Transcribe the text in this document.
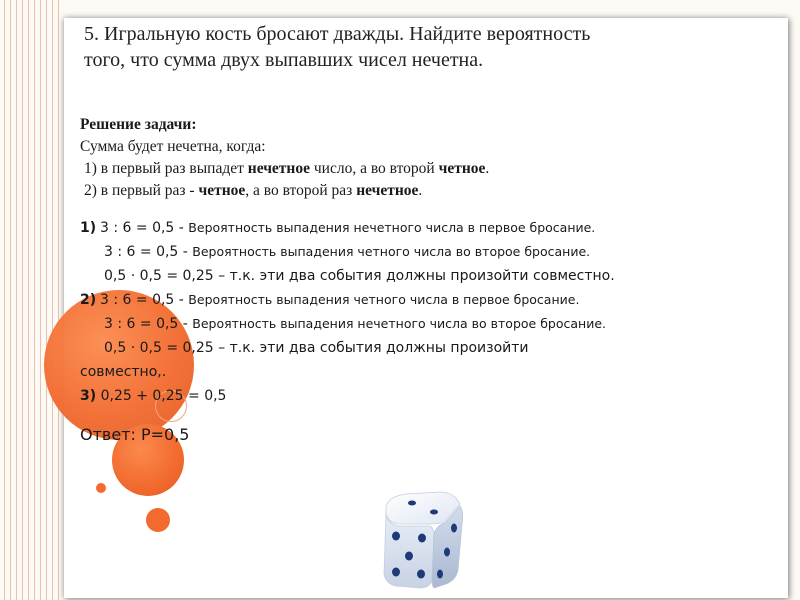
5. Игральную кость бросают дважды. Найдите вероятность
того, что сумма двух выпавших чисел нечетна.
Решение задачи:
Сумма будет нечетна, когда:
1) в первый раз выпадет нечетное число, а во второй четное.
2) в первый раз - четное, а во второй раз нечетное.
1) 3 : 6 = 0,5 - Вероятность выпадения нечетного числа в первое бросание.
3 : 6 = 0,5 - Вероятность выпадения четного числа во второе бросание.
0,5 · 0,5 = 0,25 – т.к. эти два события должны произойти совместно.
2) 3 : 6 = 0,5 - Вероятность выпадения четного числа в первое бросание.
3 : 6 = 0,5 - Вероятность выпадения нечетного числа во второе бросание.
0,5 · 0,5 = 0,25 – т.к. эти два события должны произойти
совместно,.
3) 0,25 + 0,25 = 0,5
Ответ: Р=0,5
